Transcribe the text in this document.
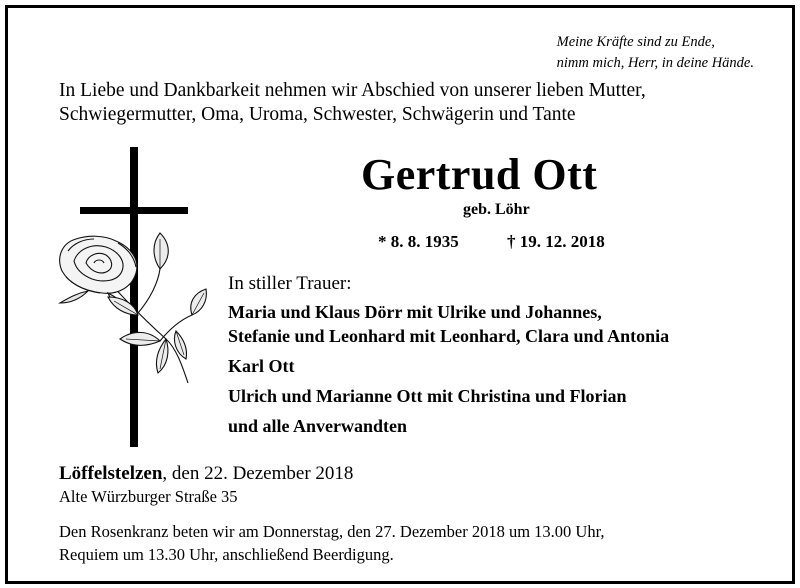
Meine Kräfte sind zu Ende,
nimm mich, Herr, in deine Hände.
In Liebe und Dankbarkeit nehmen wir Abschied von unserer lieben Mutter,
Schwiegermutter, Oma, Uroma, Schwester, Schwägerin und Tante
Gertrud Ott
geb. Löhr
* 8. 8. 1935	† 19. 12. 2018
In stiller Trauer:
Maria und Klaus Dörr mit Ulrike und Johannes,
Stefanie und Leonhard mit Leonhard, Clara und Antonia
Karl Ott
Ulrich und Marianne Ott mit Christina und Florian
und alle Anverwandten
Löffelstelzen, den 22. Dezember 2018
Alte Würzburger Straße 35
Den Rosenkranz beten wir am Donnerstag, den 27. Dezember 2018 um 13.00 Uhr,
Requiem um 13.30 Uhr, anschließend Beerdigung.
